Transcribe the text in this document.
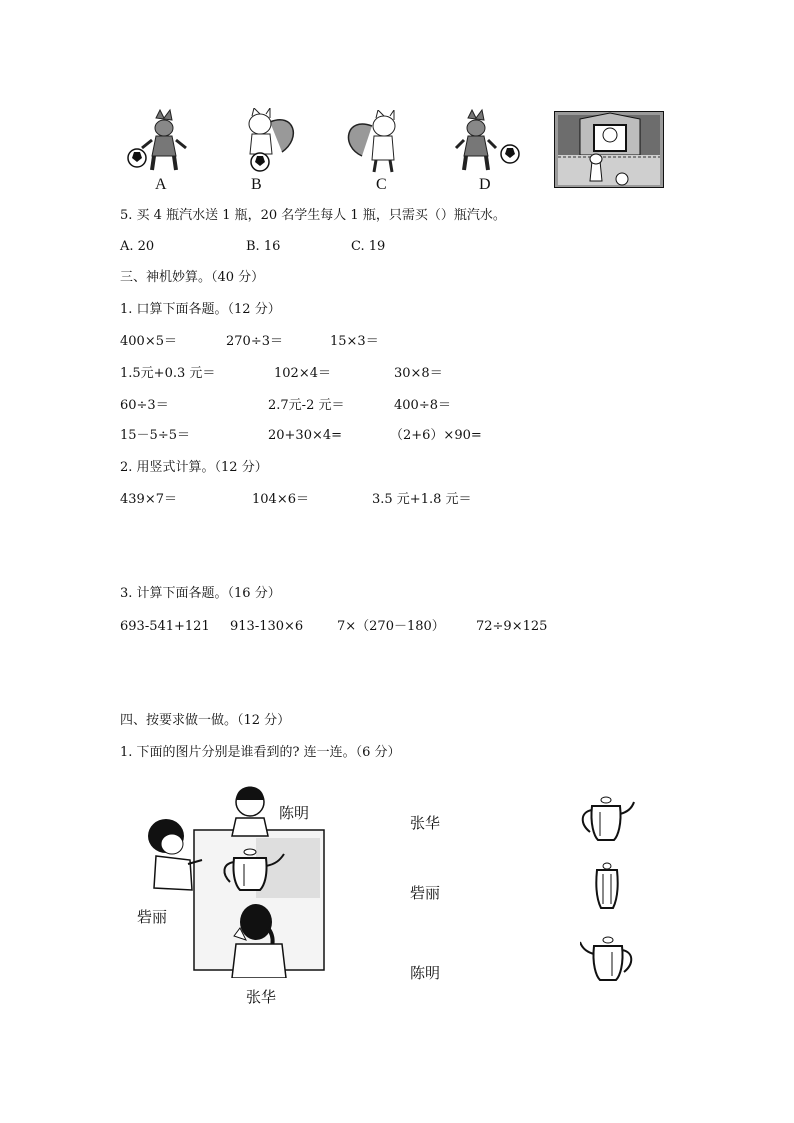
A	B	C	D
5. 买 4 瓶汽水送 1 瓶，20 名学生每人 1 瓶，只需买（）瓶汽水。
A. 20	B. 16	C. 19
三、神机妙算。（40 分）
1. 口算下面各题。（12 分）
400×5＝	270÷3＝	15×3＝
1.5元+0.3 元＝	102×4＝	30×8＝
60÷3＝	2.7元-2 元＝	400÷8＝
15－5÷5＝	20+30×4=	（2+6）×90=
2. 用竖式计算。（12 分）
439×7＝	104×6＝	3.5 元+1.8 元＝
3. 计算下面各题。（16 分）
693-541+121 913-130×6	7×（270－180） 72÷9×125
四、按要求做一做。（12 分）
1. 下面的图片分别是谁看到的? 连一连。（6 分）
陈明
砦丽
张华
张华
砦丽
陈明
